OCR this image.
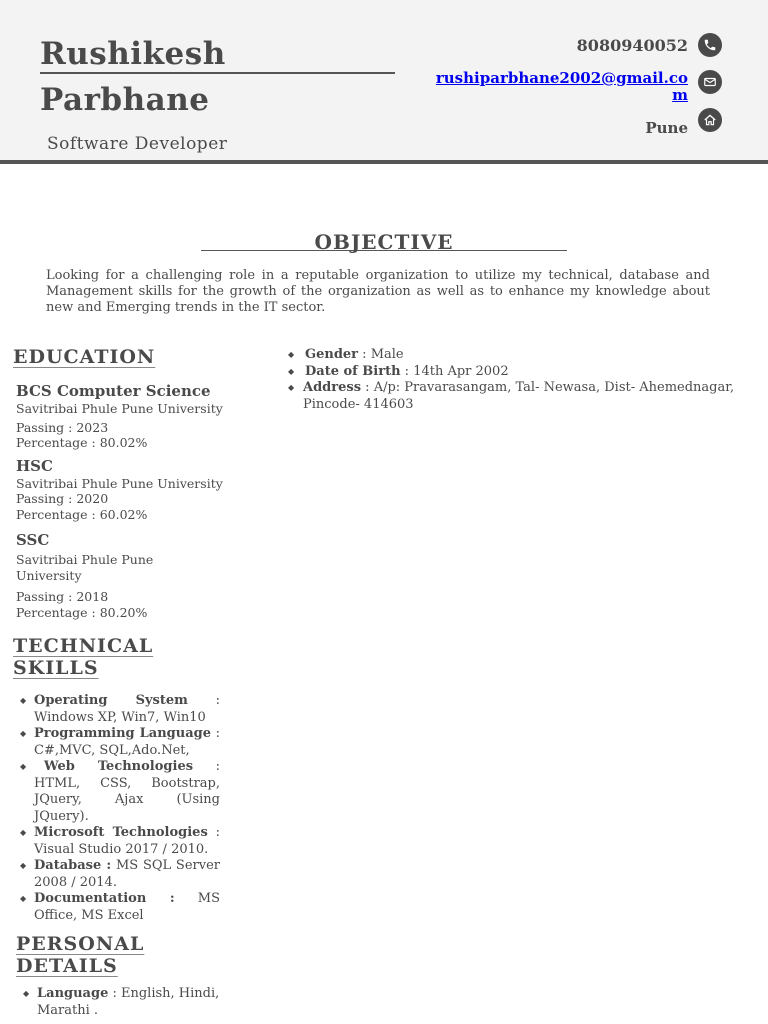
Rushikesh
Parbhane
Software Developer
8080940052
rushiparbhane2002@gmail.com
Pune
OBJECTIVE
Looking for a challenging role in a reputable organization to utilize my technical, database and Management skills for the growth of the organization as well as to enhance my knowledge about new and Emerging trends in the IT sector.
◆ Gender : Male
◆ Date of Birth : 14th Apr 2002
◆ Address : A/p: Pravarasangam, Tal- Newasa, Dist- Ahemednagar, Pincode- 414603
EDUCATION
BCS Computer Science
Savitribai Phule Pune University
Passing : 2023
Percentage : 80.02%
HSC
Savitribai Phule Pune University
Passing : 2020
Percentage : 60.02%
SSC
Savitribai Phule Pune
University
Passing : 2018
Percentage : 80.20%
TECHNICAL
SKILLS
◆ Operating System : Windows XP, Win7, Win10
◆ Programming Language : C#,MVC, SQL,Ado.Net,
◆ Web Technologies : HTML, CSS, Bootstrap, JQuery, Ajax (Using JQuery).
◆ Microsoft Technologies : Visual Studio 2017 / 2010.
◆ Database : MS SQL Server 2008 / 2014.
◆ Documentation : MS Office, MS Excel
PERSONAL
DETAILS
◆ Language : English, Hindi, Marathi .
